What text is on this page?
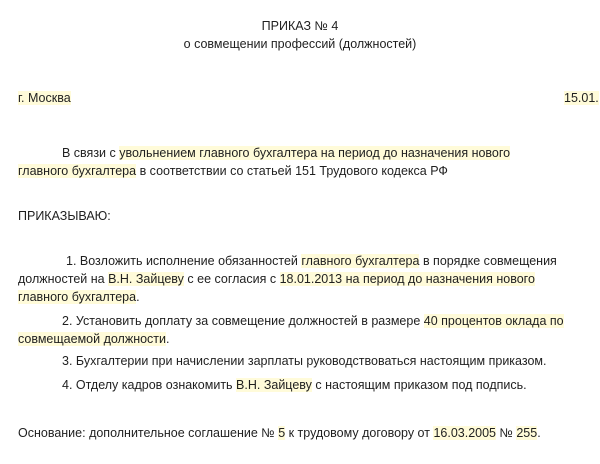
ПРИКАЗ № 4
о совмещении профессий (должностей)
г. Москва	15.01.
В связи с увольнением главного бухгалтера на период до назначения нового
главного бухгалтера в соответствии со статьей 151 Трудового кодекса РФ
ПРИКАЗЫВАЮ:
1. Возложить исполнение обязанностей главного бухгалтера в порядке совмещения
должностей на В.Н. Зайцеву с ее согласия с 18.01.2013 на период до назначения нового
главного бухгалтера.
2. Установить доплату за совмещение должностей в размере 40 процентов оклада по
совмещаемой должности.
3. Бухгалтерии при начислении зарплаты руководствоваться настоящим приказом.
4. Отделу кадров ознакомить В.Н. Зайцеву с настоящим приказом под подпись.
Основание: дополнительное соглашение № 5 к трудовому договору от 16.03.2005 № 255.
